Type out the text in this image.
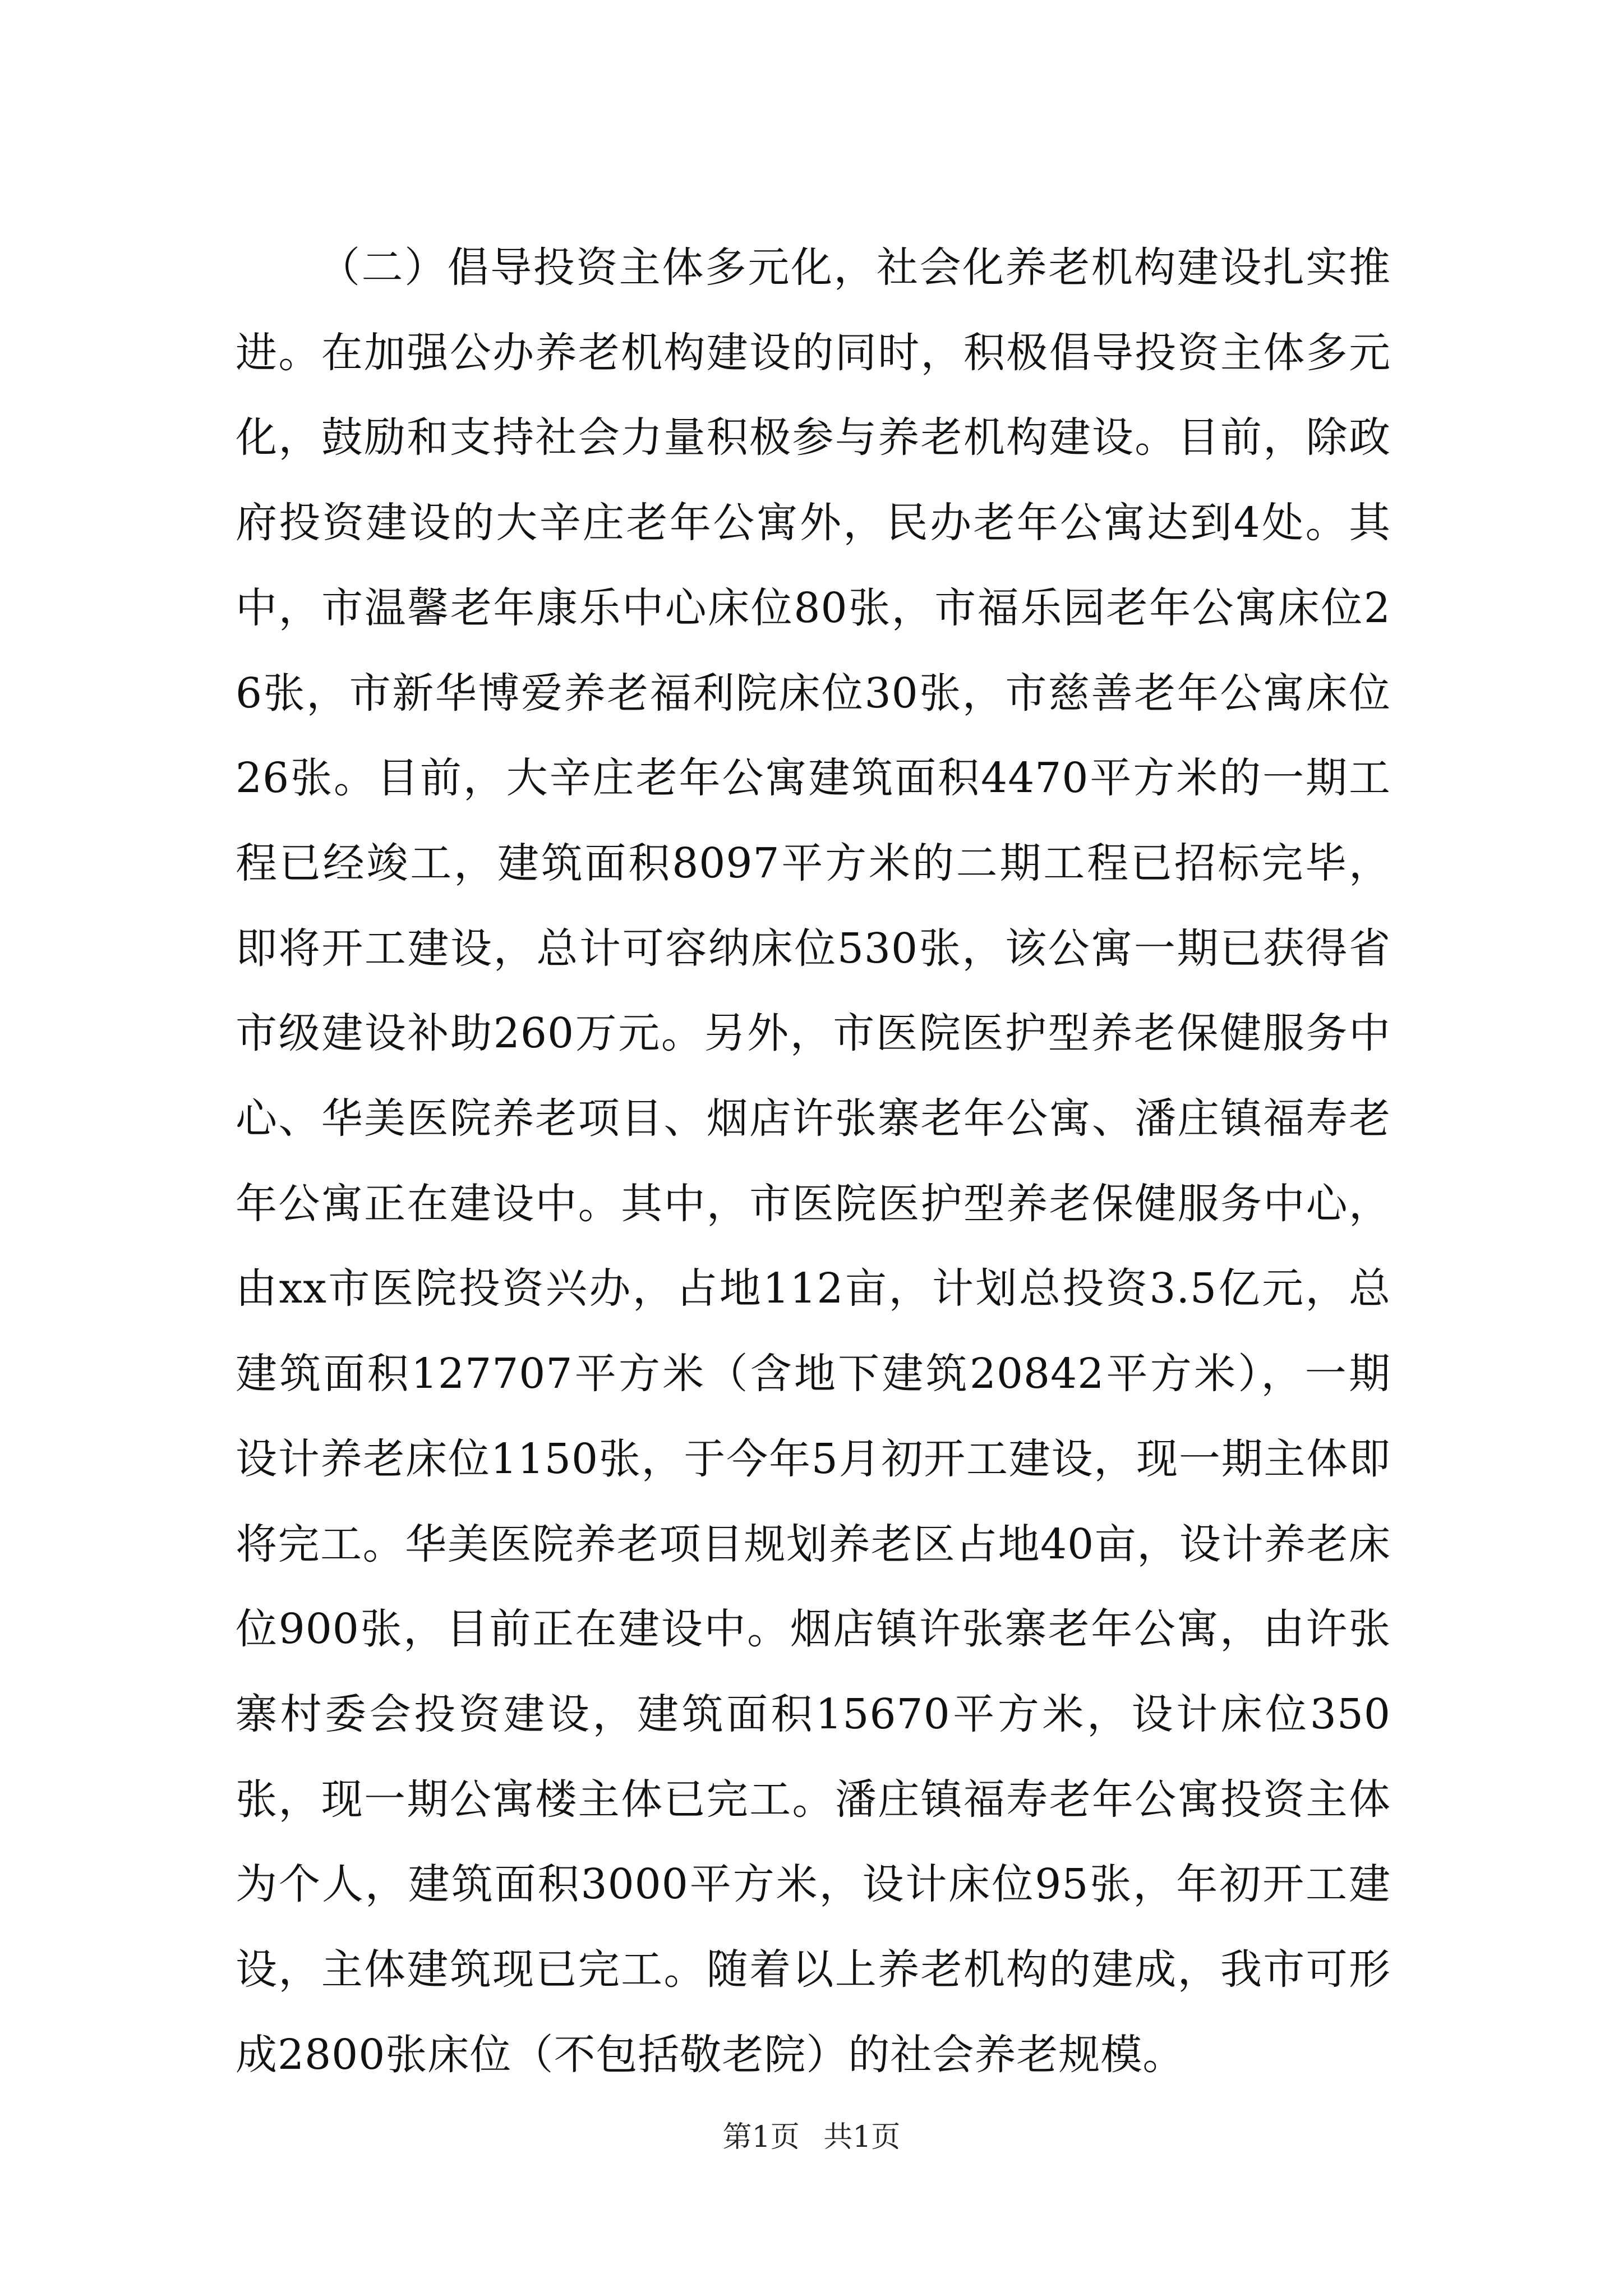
（二）倡导投资主体多元化，社会化养老机构建设扎实推进。在加强公办养老机构建设的同时，积极倡导投资主体多元化，鼓励和支持社会力量积极参与养老机构建设。目前，除政府投资建设的大辛庄老年公寓外，民办老年公寓达到4处。其中，市温馨老年康乐中心床位80张，市福乐园老年公寓床位26张，市新华博爱养老福利院床位30张，市慈善老年公寓床位26张。目前，大辛庄老年公寓建筑面积4470平方米的一期工程已经竣工，建筑面积8097平方米的二期工程已招标完毕，即将开工建设，总计可容纳床位530张，该公寓一期已获得省市级建设补助260万元。另外，市医院医护型养老保健服务中心、华美医院养老项目、烟店许张寨老年公寓、潘庄镇福寿老年公寓正在建设中。其中，市医院医护型养老保健服务中心，由xx市医院投资兴办，占地112亩，计划总投资3.5亿元，总建筑面积127707平方米（含地下建筑20842平方米），一期设计养老床位1150张，于今年5月初开工建设，现一期主体即将完工。华美医院养老项目规划养老区占地40亩，设计养老床位900张，目前正在建设中。烟店镇许张寨老年公寓，由许张寨村委会投资建设，建筑面积15670平方米，设计床位350张，现一期公寓楼主体已完工。潘庄镇福寿老年公寓投资主体为个人，建筑面积3000平方米，设计床位95张，年初开工建设，主体建筑现已完工。随着以上养老机构的建成，我市可形成2800张床位（不包括敬老院）的社会养老规模。

第1页 共1页
